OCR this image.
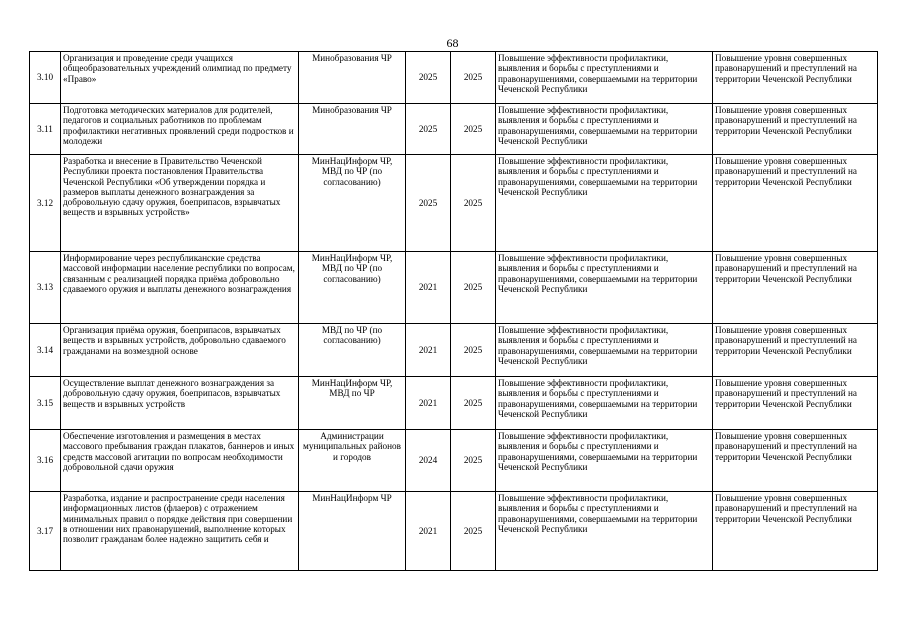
68
3.10	Организация и проведение среди учащихся общеобразовательных учреждений олимпиад по предмету «Право»	Минобразования ЧР	2025	2025	Повышение эффективности профилактики, выявления и борьбы с преступлениями и правонарушениями, совершаемыми на территории Чеченской Республики	Повышение уровня совершенных правонарушений и преступлений на территории Чеченской Республики
3.11	Подготовка методических материалов для родителей, педагогов и социальных работников по проблемам профилактики негативных проявлений среди подростков и молодежи	Минобразования ЧР	2025	2025	Повышение эффективности профилактики, выявления и борьбы с преступлениями и правонарушениями, совершаемыми на территории Чеченской Республики	Повышение уровня совершенных правонарушений и преступлений на территории Чеченской Республики
3.12	Разработка и внесение в Правительство Чеченской Республики проекта постановления Правительства Чеченской Республики «Об утверждении порядка и размеров выплаты денежного вознаграждения за добровольную сдачу оружия, боеприпасов, взрывчатых веществ и взрывных устройств»	МинНацИнформ ЧР, МВД по ЧР (по согласованию)	2025	2025	Повышение эффективности профилактики, выявления и борьбы с преступлениями и правонарушениями, совершаемыми на территории Чеченской Республики	Повышение уровня совершенных правонарушений и преступлений на территории Чеченской Республики
3.13	Информирование через республиканские средства массовой информации население республики по вопросам, связанным с реализацией порядка приёма добровольно сдаваемого оружия и выплаты денежного вознаграждения	МинНацИнформ ЧР, МВД по ЧР (по согласованию)	2021	2025	Повышение эффективности профилактики, выявления и борьбы с преступлениями и правонарушениями, совершаемыми на территории Чеченской Республики	Повышение уровня совершенных правонарушений и преступлений на территории Чеченской Республики
3.14	Организация приёма оружия, боеприпасов, взрывчатых веществ и взрывных устройств, добровольно сдаваемого гражданами на возмездной основе	МВД по ЧР (по согласованию)	2021	2025	Повышение эффективности профилактики, выявления и борьбы с преступлениями и правонарушениями, совершаемыми на территории Чеченской Республики	Повышение уровня совершенных правонарушений и преступлений на территории Чеченской Республики
3.15	Осуществление выплат денежного вознаграждения за добровольную сдачу оружия, боеприпасов, взрывчатых веществ и взрывных устройств	МинНацИнформ ЧР, МВД по ЧР	2021	2025	Повышение эффективности профилактики, выявления и борьбы с преступлениями и правонарушениями, совершаемыми на территории Чеченской Республики	Повышение уровня совершенных правонарушений и преступлений на территории Чеченской Республики
3.16	Обеспечение изготовления и размещения в местах массового пребывания граждан плакатов, баннеров и иных средств массовой агитации по вопросам необходимости добровольной сдачи оружия	Администрации муниципальных районов и городов	2024	2025	Повышение эффективности профилактики, выявления и борьбы с преступлениями и правонарушениями, совершаемыми на территории Чеченской Республики	Повышение уровня совершенных правонарушений и преступлений на территории Чеченской Республики
3.17	Разработка, издание и распространение среди населения информационных листов (флаеров) с отражением минимальных правил о порядке действия при совершении в отношении них правонарушений, выполнение которых позволит гражданам более надежно защитить себя и	МинНацИнформ ЧР	2021	2025	Повышение эффективности профилактики, выявления и борьбы с преступлениями и правонарушениями, совершаемыми на территории Чеченской Республики	Повышение уровня совершенных правонарушений и преступлений на территории Чеченской Республики
